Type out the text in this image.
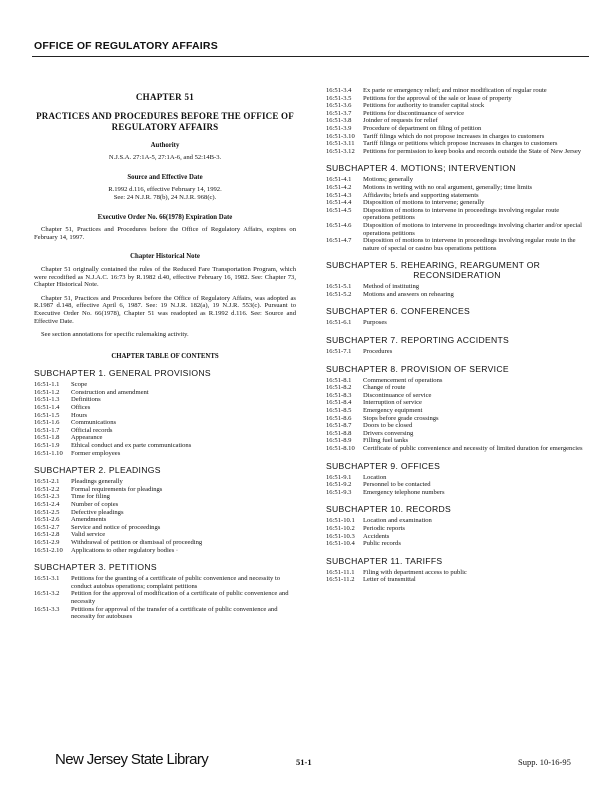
OFFICE OF REGULATORY AFFAIRS
CHAPTER 51
PRACTICES AND PROCEDURES BEFORE THE OFFICE OF REGULATORY AFFAIRS
Authority
N.J.S.A. 27:1A-5, 27:1A-6, and 52:14B-3.
Source and Effective Date
R.1992 d.116, effective February 14, 1992.
See: 24 N.J.R. 78(b), 24 N.J.R. 968(c).
Executive Order No. 66(1978) Expiration Date

Chapter 51, Practices and Procedures before the Office of Regulatory Affairs, expires on February 14, 1997.

Chapter Historical Note

Chapter 51 originally contained the rules of the Reduced Fare Transportation Program, which were recodified as N.J.A.C. 16:73 by R.1982 d.40, effective February 16, 1982. See: Chapter 73, Chapter Historical Note.

Chapter 51, Practices and Procedures before the Office of Regulatory Affairs, was adopted as R.1987 d.148, effective April 6, 1987. See: 19 N.J.R. 182(a), 19 N.J.R. 553(c). Pursuant to Executive Order No. 66(1978), Chapter 51 was readopted as R.1992 d.116. See: Source and Effective Date.

See section annotations for specific rulemaking activity.

CHAPTER TABLE OF CONTENTS
SUBCHAPTER 1. GENERAL PROVISIONS
16:51-1.1	Scope
16:51-1.2	Construction and amendment
16:51-1.3	Definitions
16:51-1.4	Offices
16:51-1.5	Hours
16:51-1.6	Communications
16:51-1.7	Official records
16:51-1.8	Appearance
16:51-1.9	Ethical conduct and ex parte communications
16:51-1.10	Former employees
SUBCHAPTER 2. PLEADINGS
16:51-2.1	Pleadings generally
16:51-2.2	Formal requirements for pleadings
16:51-2.3	Time for filing
16:51-2.4	Number of copies
16:51-2.5	Defective pleadings
16:51-2.6	Amendments
16:51-2.7	Service and notice of proceedings
16:51-2.8	Valid service
16:51-2.9	Withdrawal of petition or dismissal of proceeding
16:51-2.10	Applications to other regulatory bodies ·
SUBCHAPTER 3. PETITIONS
16:51-3.1	Petitions for the granting of a certificate of public convenience and necessity to conduct autobus operations; complaint petitions
16:51-3.2	Petition for the approval of modification of a certificate of public convenience and necessity
16:51-3.3	Petitions for approval of the transfer of a certificate of public convenience and necessity for autobuses
16:51-3.4	Ex parte or emergency relief; and minor modification of regular route
16:51-3.5	Petitions for the approval of the sale or lease of property
16:51-3.6	Petitions for authority to transfer capital stock
16:51-3.7	Petitions for discontinuance of service
16:51-3.8	Joinder of requests for relief
16:51-3.9	Procedure of department on filing of petition
16:51-3.10	Tariff filings which do not propose increases in charges to customers
16:51-3.11	Tariff filings or petitions which propose increases in charges to customers
16:51-3.12	Petitions for permission to keep books and records outside the State of New Jersey
SUBCHAPTER 4. MOTIONS; INTERVENTION
16:51-4.1	Motions; generally
16:51-4.2	Motions in writing with no oral argument, generally; time limits
16:51-4.3	Affidavits; briefs and supporting statements
16:51-4.4	Disposition of motions to intervene; generally
16:51-4.5	Disposition of motions to intervene in proceedings involving regular route operations petitions
16:51-4.6	Disposition of motions to intervene in proceedings involving charter and/or special operations petitions
16:51-4.7	Disposition of motions to intervene in proceedings involving regular route in the nature of special or casino bus operations petitions
SUBCHAPTER 5. REHEARING, REARGUMENT OR
RECONSIDERATION
16:51-5.1	Method of instituting
16:51-5.2	Motions and answers on rehearing
SUBCHAPTER 6. CONFERENCES
16:51-6.1	Purposes
SUBCHAPTER 7. REPORTING ACCIDENTS
16:51-7.1	Procedures
SUBCHAPTER 8. PROVISION OF SERVICE
16:51-8.1	Commencement of operations
16:51-8.2	Change of route
16:51-8.3	Discontinuance of service
16:51-8.4	Interruption of service
16:51-8.5	Emergency equipment
16:51-8.6	Stops before grade crossings
16:51-8.7	Doors to be closed
16:51-8.8	Drivers conversing
16:51-8.9	Filling fuel tanks
16:51-8.10	Certificate of public convenience and necessity of limited duration for emergencies
SUBCHAPTER 9. OFFICES
16:51-9.1	Location
16:51-9.2	Personnel to be contacted
16:51-9.3	Emergency telephone numbers
SUBCHAPTER 10. RECORDS
16:51-10.1	Location and examination
16:51-10.2	Periodic reports
16:51-10.3	Accidents
16:51-10.4	Public records
SUBCHAPTER 11. TARIFFS
16:51-11.1	Filing with department access to public
16:51-11.2	Letter of transmittal
New Jersey State Library	51-1	Supp. 10-16-95
